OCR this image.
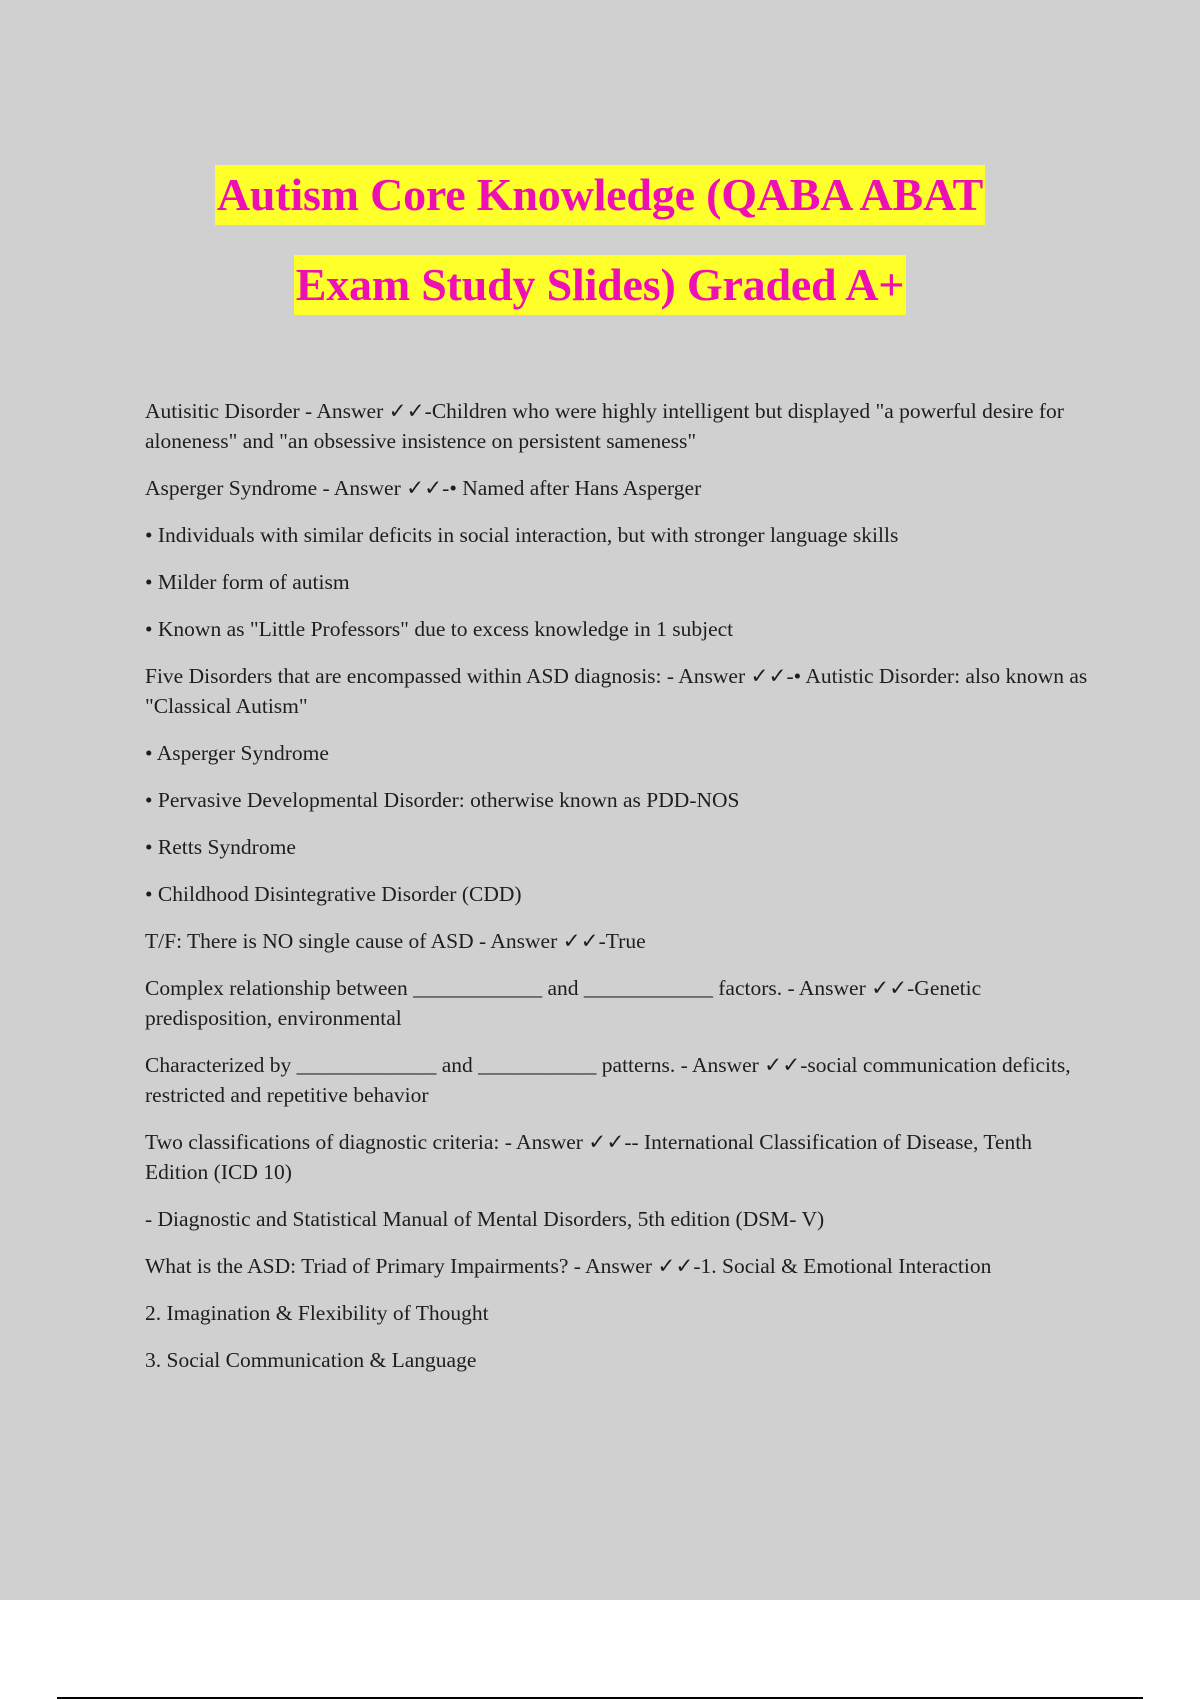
Autism Core Knowledge (QABA ABAT
Exam Study Slides) Graded A+

Autisitic Disorder - Answer ✓✓-Children who were highly intelligent but displayed "a powerful desire for aloneness" and "an obsessive insistence on persistent sameness"

Asperger Syndrome - Answer ✓✓-• Named after Hans Asperger

• Individuals with similar deficits in social interaction, but with stronger language skills

• Milder form of autism

• Known as "Little Professors" due to excess knowledge in 1 subject

Five Disorders that are encompassed within ASD diagnosis: - Answer ✓✓-• Autistic Disorder: also known as "Classical Autism"

• Asperger Syndrome

• Pervasive Developmental Disorder: otherwise known as PDD-NOS

• Retts Syndrome

• Childhood Disintegrative Disorder (CDD)

T/F: There is NO single cause of ASD - Answer ✓✓-True

Complex relationship between ____________ and ____________ factors. - Answer ✓✓-Genetic predisposition, environmental

Characterized by _____________ and ___________ patterns. - Answer ✓✓-social communication deficits, restricted and repetitive behavior

Two classifications of diagnostic criteria: - Answer ✓✓-- International Classification of Disease, Tenth Edition (ICD 10)

- Diagnostic and Statistical Manual of Mental Disorders, 5th edition (DSM- V)

What is the ASD: Triad of Primary Impairments? - Answer ✓✓-1. Social & Emotional Interaction

2. Imagination & Flexibility of Thought

3. Social Communication & Language
